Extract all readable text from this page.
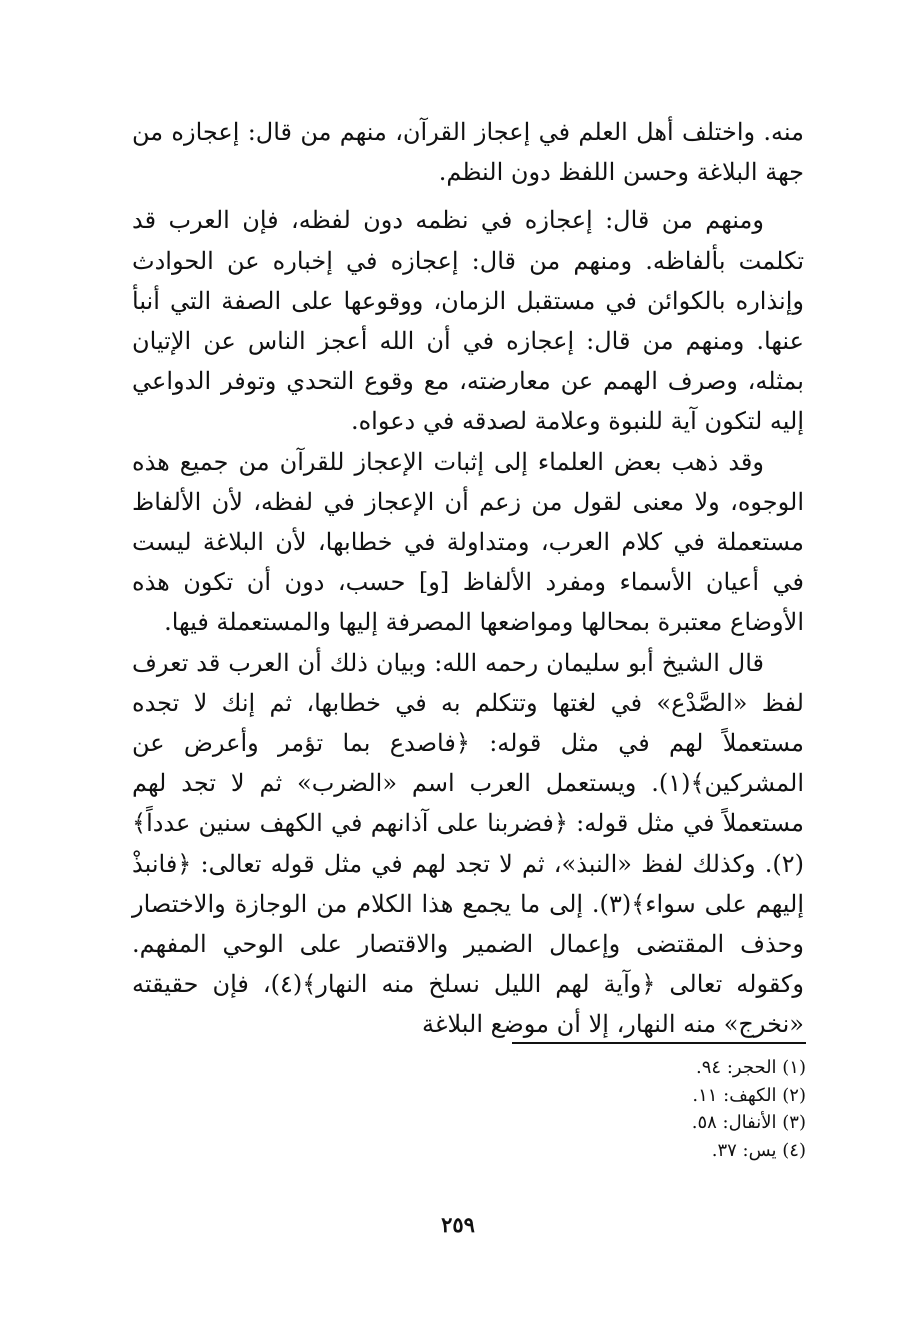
منه. واختلف أهل العلم في إعجاز القرآن، منهم من قال: إعجازه من جهة البلاغة وحسن اللفظ دون النظم.

ومنهم من قال: إعجازه في نظمه دون لفظه، فإن العرب قد تكلمت بألفاظه. ومنهم من قال: إعجازه في إخباره عن الحوادث وإنذاره بالكوائن في مستقبل الزمان، ووقوعها على الصفة التي أنبأ عنها. ومنهم من قال: إعجازه في أن الله أعجز الناس عن الإتيان بمثله، وصرف الهمم عن معارضته، مع وقوع التحدي وتوفر الدواعي إليه لتكون آية للنبوة وعلامة لصدقه في دعواه.

وقد ذهب بعض العلماء إلى إثبات الإعجاز للقرآن من جميع هذه الوجوه، ولا معنى لقول من زعم أن الإعجاز في لفظه، لأن الألفاظ مستعملة في كلام العرب، ومتداولة في خطابها، لأن البلاغة ليست في أعيان الأسماء ومفرد الألفاظ [و] حسب، دون أن تكون هذه الأوضاع معتبرة بمحالها ومواضعها المصرفة إليها والمستعملة فيها.

قال الشيخ أبو سليمان رحمه الله: وبيان ذلك أن العرب قد تعرف لفظ «الصَّدْع» في لغتها وتتكلم به في خطابها، ثم إنك لا تجده مستعملاً لهم في مثل قوله: ﴿فاصدع بما تؤمر وأعرض عن المشركين﴾(١). ويستعمل العرب اسم «الضرب» ثم لا تجد لهم مستعملاً في مثل قوله: ﴿فضربنا على آذانهم في الكهف سنين عدداً﴾(٢). وكذلك لفظ «النبذ»، ثم لا تجد لهم في مثل قوله تعالى: ﴿فانبذْ إليهم على سواء﴾(٣). إلى ما يجمع هذا الكلام من الوجازة والاختصار وحذف المقتضى وإعمال الضمير والاقتصار على الوحي المفهم. وكقوله تعالى ﴿وآية لهم الليل نسلخ منه النهار﴾(٤)، فإن حقيقته «نخرج» منه النهار، إلا أن موضع البلاغة

(١) الحجر: ٩٤.

(٢) الكهف: ١١.

(٣) الأنفال: ٥٨.

(٤) يس: ٣٧.

٢٥٩
